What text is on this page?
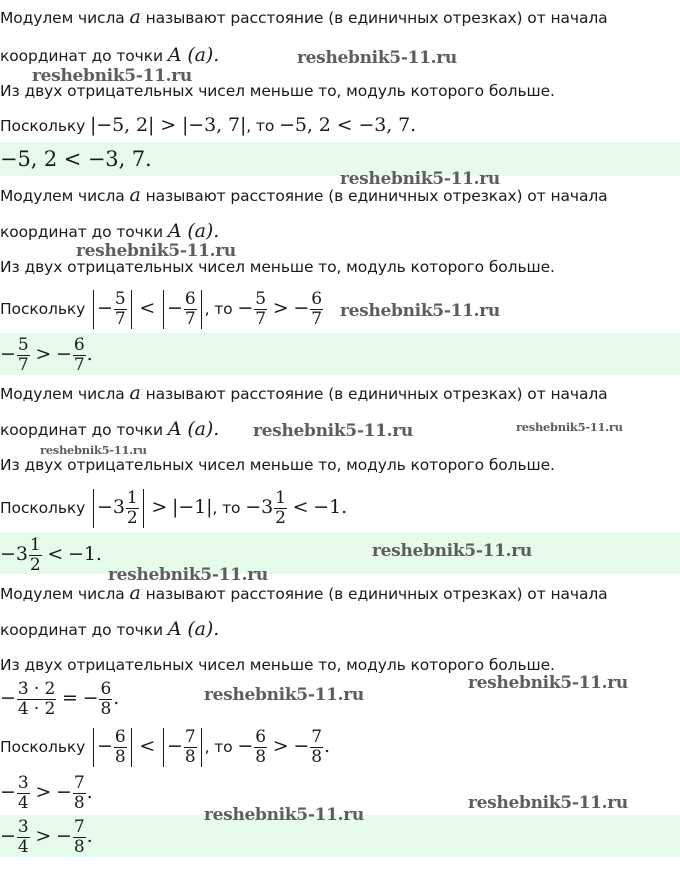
Модулем числа a называют расстояние (в единичных отрезках) от начала
координат до точки A (a).
Из двух отрицательных чисел меньше то, модуль которого больше.
Поскольку |−5, 2| > |−3, 7|, то −5, 2 < −3, 7.
−5, 2 < −3, 7.
Модулем числа a называют расстояние (в единичных отрезках) от начала
координат до точки A (a).
Из двух отрицательных чисел меньше то, модуль которого больше.
Поскольку − $\frac{5}{7}$ < − $\frac{6}{7}$ , то − $\frac{5}{7}$ > − $\frac{6}{7}$
− $\frac{5}{7}$ > − $\frac{6}{7}$ .
Модулем числа a называют расстояние (в единичных отрезках) от начала
координат до точки A (a).
Из двух отрицательных чисел меньше то, модуль которого больше.
Поскольку $-3 \frac{1}{2} > |-1|$, то $-3 \frac{1}{2} < -1$.
$-3 \frac{1}{2} < -1$.
Модулем числа a называют расстояние (в единичных отрезках) от начала
координат до точки A (a).
Из двух отрицательных чисел меньше то, модуль которого больше.
− $\frac{3 \cdot 2}{4 \cdot 2}$ = − $\frac{6}{8}$ .
Поскольку − $\frac{6}{8}$ < − $\frac{7}{8}$ , то − $\frac{6}{8}$ > − $\frac{7}{8}$ .
− $\frac{3}{4}$ > − $\frac{7}{8}$ .
− $\frac{3}{4}$ > − $\frac{7}{8}$ .
reshebnik5-11.ru
reshebnik5-11.ru
reshebnik5-11.ru
reshebnik5-11.ru
reshebnik5-11.ru
reshebnik5-11.ru	reshebnik5-11.ru
reshebnik5-11.ru
reshebnik5-11.ru
reshebnik5-11.ru
reshebnik5-11.ru
reshebnik5-11.ru
reshebnik5-11.ru
reshebnik5-11.ru
